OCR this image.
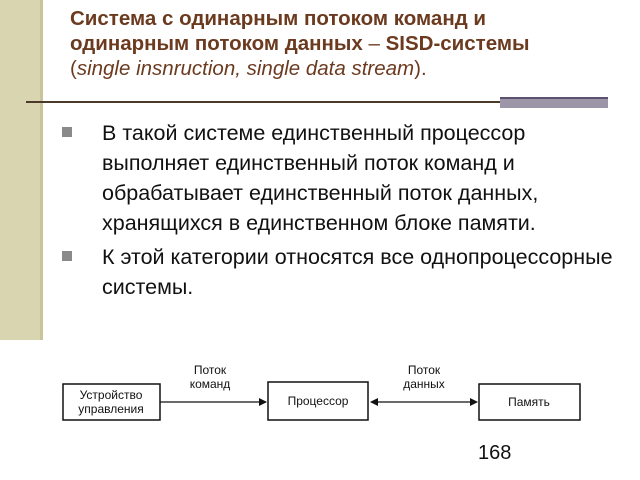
Система с одинарным потоком команд и
одинарным потоком данных – SISD-системы
(single insnruction, single data stream).
В такой системе единственный процессор выполняет единственный поток команд и обрабатывает единственный поток данных, хранящихся в единственном блоке памяти.
К этой категории относятся все однопроцессорные системы.
Устройство
управления
Процессор	Память
Поток
команд
Поток
данных
168
